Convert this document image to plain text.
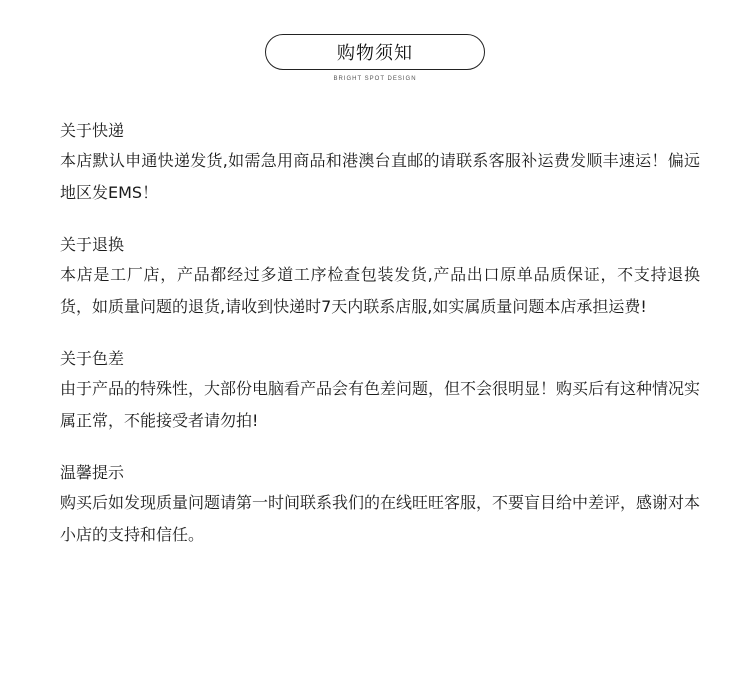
购物须知
BRIGHT SPOT DESIGN
关于快递

本店默认申通快递发货,如需急用商品和港澳台直邮的请联系客服补运费发顺丰速运！偏远地区发EMS！

关于退换

本店是工厂店，产品都经过多道工序检查包装发货,产品出口原单品质保证，不支持退换货，如质量问题的退货,请收到快递时7天内联系店服,如实属质量问题本店承担运费!

关于色差

由于产品的特殊性，大部份电脑看产品会有色差问题，但不会很明显！购买后有这种情况实属正常，不能接受者请勿拍!

温馨提示

购买后如发现质量问题请第一时间联系我们的在线旺旺客服，不要盲目给中差评，感谢对本小店的支持和信任。
